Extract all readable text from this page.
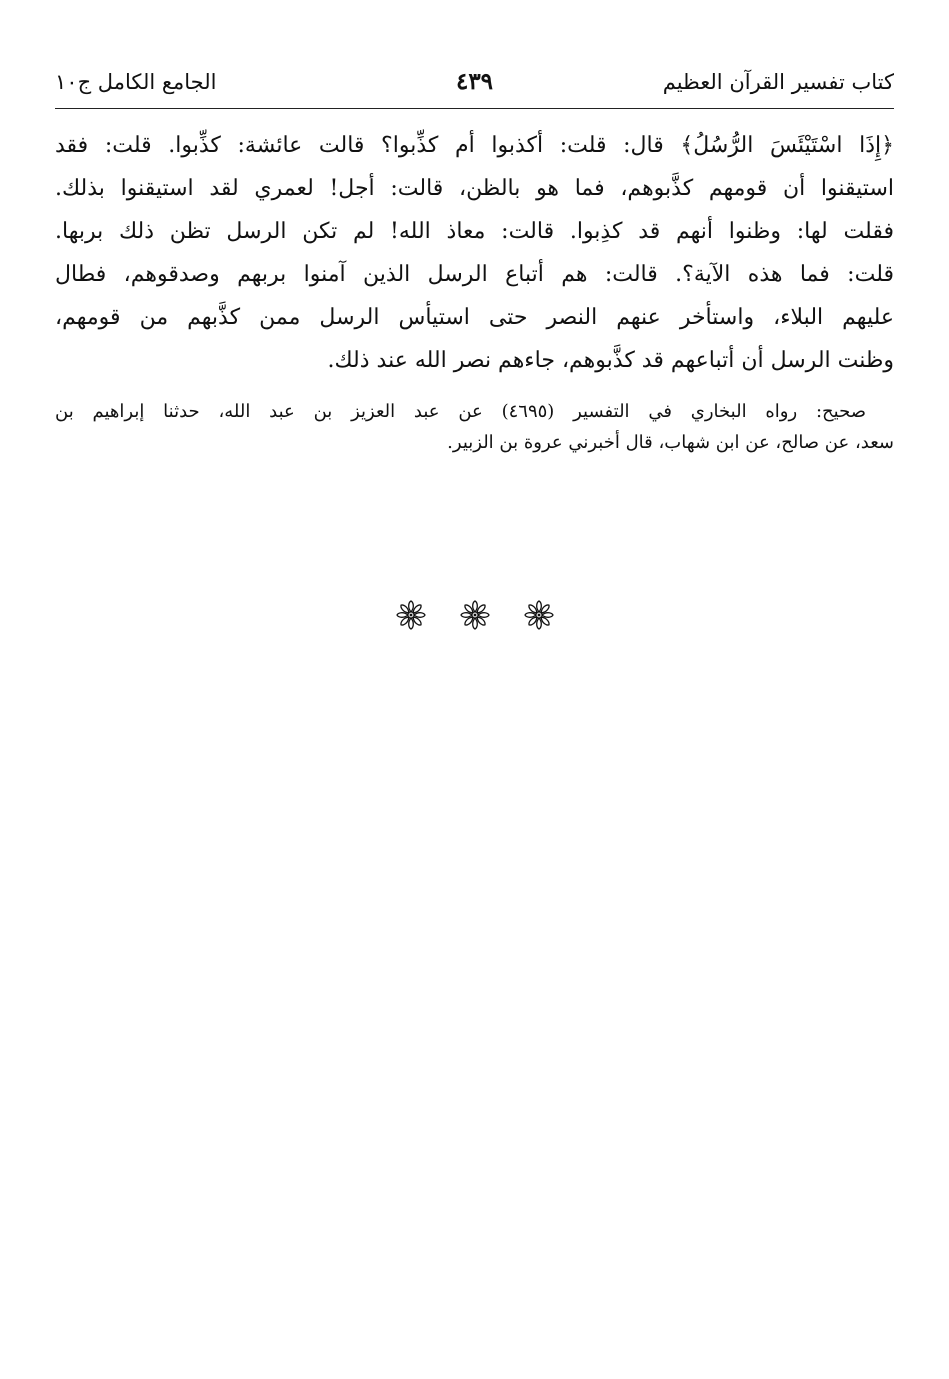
كتاب تفسير القرآن العظيم
٤٣٩
الجامع الكامل ج١٠
﴿إِذَا اسْتَيْئَسَ الرُّسُلُ﴾ قال: قلت: أكذبوا أم كذِّبوا؟ قالت عائشة: كذِّبوا. قلت: فقد
استيقنوا أن قومهم كذَّبوهم، فما هو بالظن، قالت: أجل! لعمري لقد استيقنوا بذلك.
فقلت لها: وظنوا أنهم قد كذِبوا. قالت: معاذ الله! لم تكن الرسل تظن ذلك بربها.
قلت: فما هذه الآية؟. قالت: هم أتباع الرسل الذين آمنوا بربهم وصدقوهم، فطال
عليهم البلاء، واستأخر عنهم النصر حتى استيأس الرسل ممن كذَّبهم من قومهم،
وظنت الرسل أن أتباعهم قد كذَّبوهم، جاءهم نصر الله عند ذلك.
صحيح: رواه البخاري في التفسير (٤٦٩٥) عن عبد العزيز بن عبد الله، حدثنا إبراهيم بن
سعد، عن صالح، عن ابن شهاب، قال أخبرني عروة بن الزبير.
